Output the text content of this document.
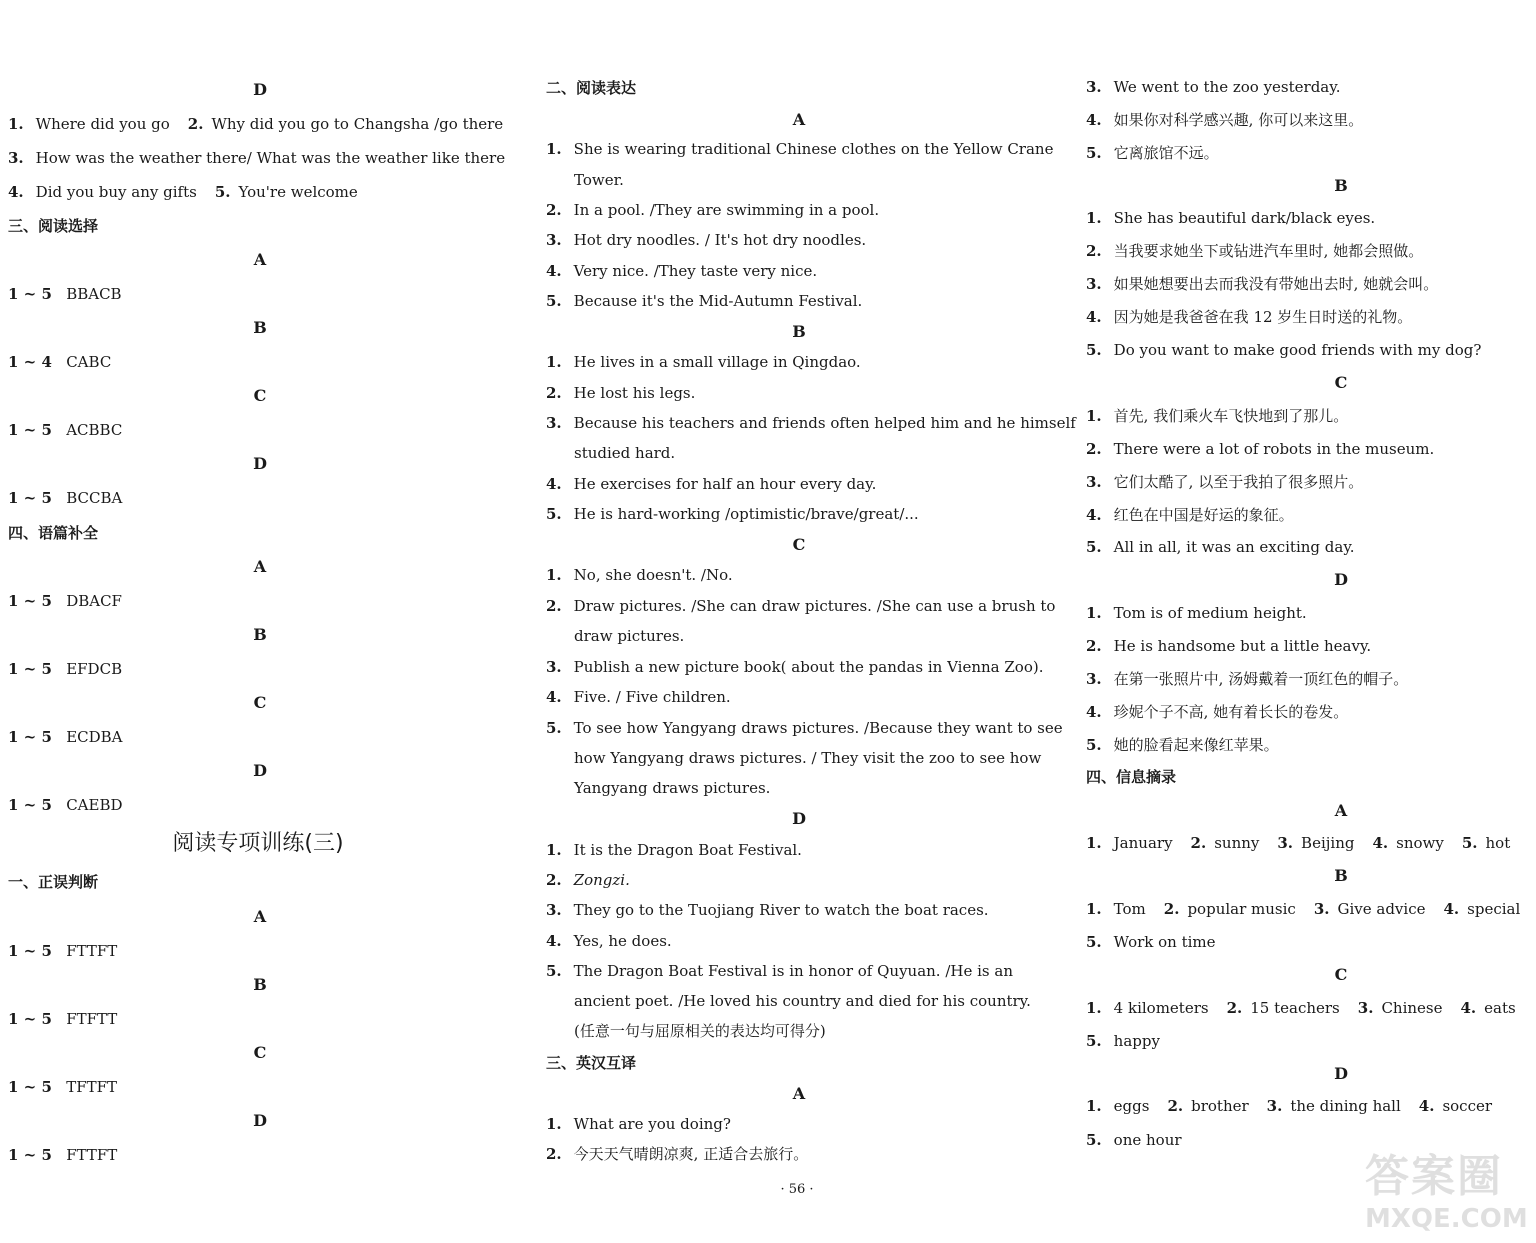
D
1. Where did you go 2. Why did you go to Changsha /go there
3. How was the weather there/ What was the weather like there
4. Did you buy any gifts 5. You're welcome
三、阅读选择
A
1 ~ 5 BBACB
B
1 ~ 4 CABC
C
1 ~ 5 ACBBC
D
1 ~ 5 BCCBA
四、语篇补全
A
1 ~ 5 DBACF
B
1 ~ 5 EFDCB
C
1 ~ 5 ECDBA
D
1 ~ 5 CAEBD
阅读专项训练(三)
一、正误判断
A
1 ~ 5 FTTFT
B
1 ~ 5 FTFTT
C
1 ~ 5 TFTFT
D
1 ~ 5 FTTFT
二、阅读表达
A
1. She is wearing traditional Chinese clothes on the Yellow Crane
Tower.
2. In a pool. /They are swimming in a pool.
3. Hot dry noodles. / It's hot dry noodles.
4. Very nice. /They taste very nice.
5. Because it's the Mid-Autumn Festival.
B
1. He lives in a small village in Qingdao.
2. He lost his legs.
3. Because his teachers and friends often helped him and he himself
studied hard.
4. He exercises for half an hour every day.
5. He is hard-working /optimistic/brave/great/...
C
1. No, she doesn't. /No.
2. Draw pictures. /She can draw pictures. /She can use a brush to
draw pictures.
3. Publish a new picture book( about the pandas in Vienna Zoo).
4. Five. / Five children.
5. To see how Yangyang draws pictures. /Because they want to see
how Yangyang draws pictures. / They visit the zoo to see how
Yangyang draws pictures.
D
1. It is the Dragon Boat Festival.
2. Zongzi.
3. They go to the Tuojiang River to watch the boat races.
4. Yes, he does.
5. The Dragon Boat Festival is in honor of Quyuan. /He is an
ancient poet. /He loved his country and died for his country.
(任意一句与屈原相关的表达均可得分)
三、英汉互译
A
1. What are you doing?
2. 今天天气晴朗凉爽, 正适合去旅行。
3. We went to the zoo yesterday.
4. 如果你对科学感兴趣, 你可以来这里。
5. 它离旅馆不远。
B
1. She has beautiful dark/black eyes.
2. 当我要求她坐下或钻进汽车里时, 她都会照做。
3. 如果她想要出去而我没有带她出去时, 她就会叫。
4. 因为她是我爸爸在我 12 岁生日时送的礼物。
5. Do you want to make good friends with my dog?
C
1. 首先, 我们乘火车飞快地到了那儿。
2. There were a lot of robots in the museum.
3. 它们太酷了, 以至于我拍了很多照片。
4. 红色在中国是好运的象征。
5. All in all, it was an exciting day.
D
1. Tom is of medium height.
2. He is handsome but a little heavy.
3. 在第一张照片中, 汤姆戴着一顶红色的帽子。
4. 珍妮个子不高, 她有着长长的卷发。
5. 她的脸看起来像红苹果。
四、信息摘录
A
1. January 2. sunny 3. Beijing 4. snowy 5. hot
B
1. Tom 2. popular music 3. Give advice 4. special
5. Work on time
C
1. 4 kilometers 2. 15 teachers 3. Chinese 4. eats
5. happy
D
1. eggs 2. brother 3. the dining hall 4. soccer
5. one hour
· 56 ·	答案圈
MXQE.COM
